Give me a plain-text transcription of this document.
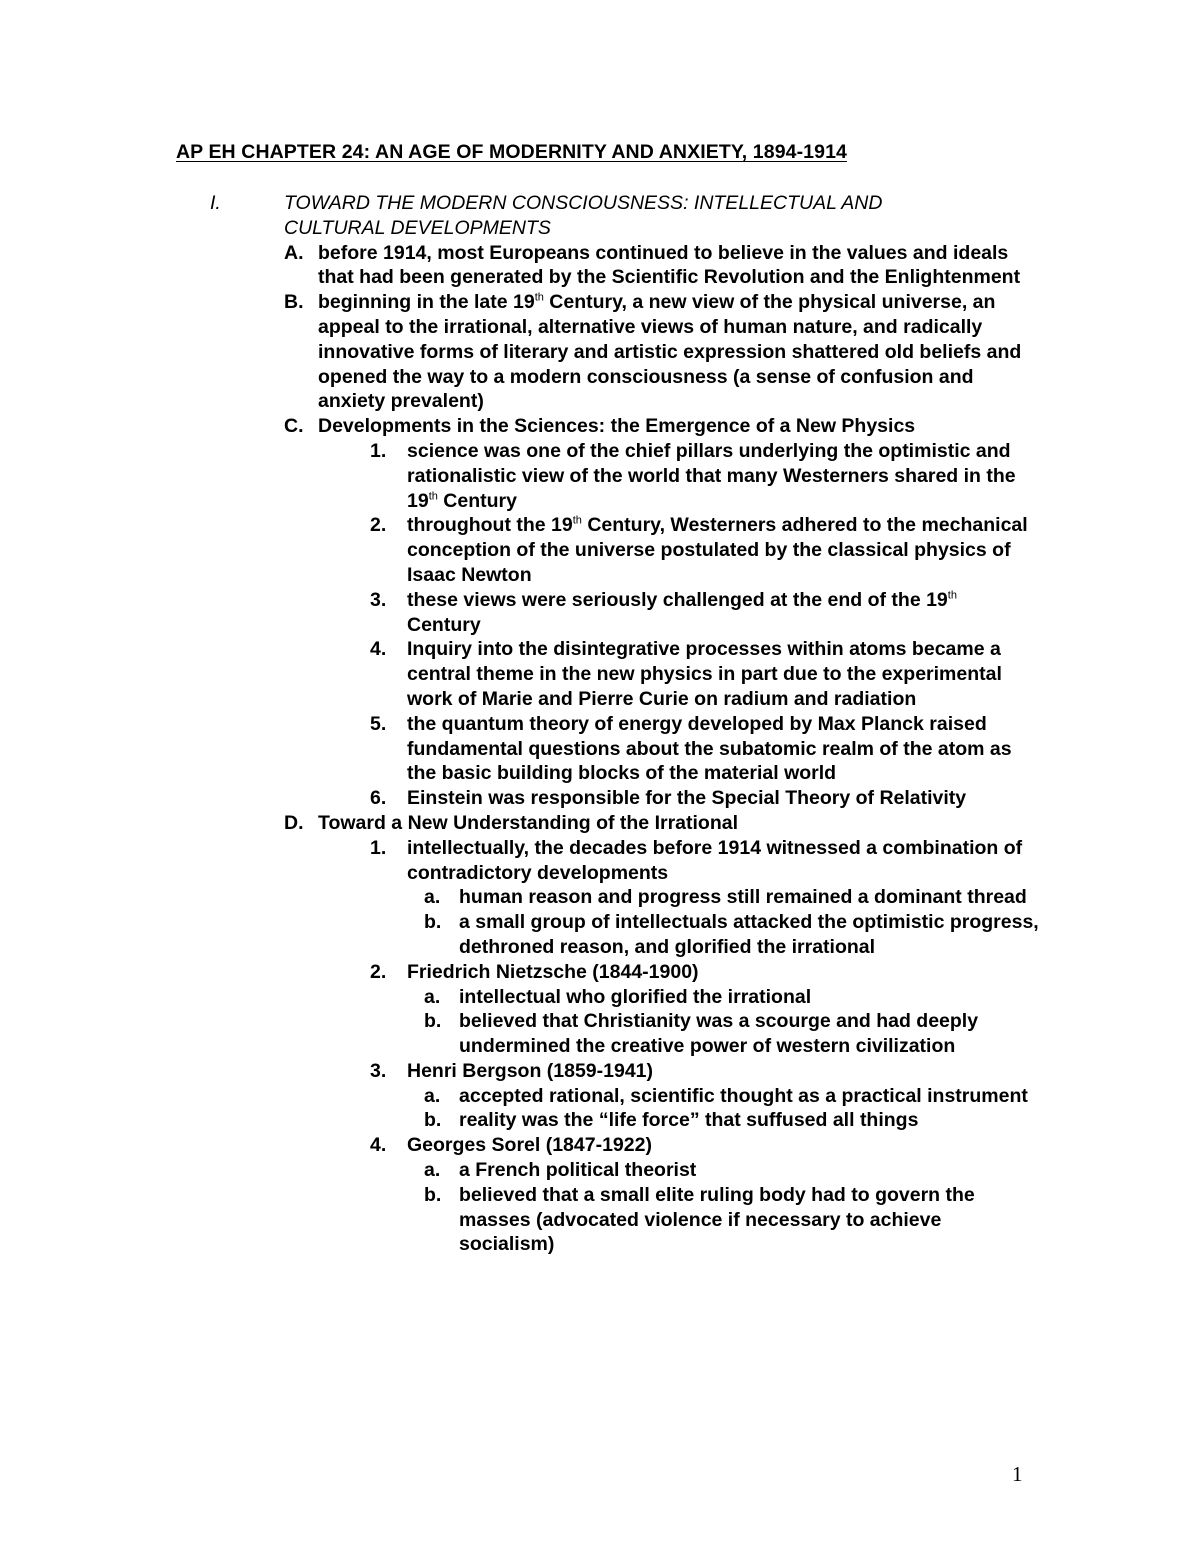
AP EH CHAPTER 24: AN AGE OF MODERNITY AND ANXIETY, 1894-1914
I.	TOWARD THE MODERN CONSCIOUSNESS: INTELLECTUAL AND CULTURAL DEVELOPMENTS
A. before 1914, most Europeans continued to believe in the values and ideals that had been generated by the Scientific Revolution and the Enlightenment
B. beginning in the late 19th Century, a new view of the physical universe, an appeal to the irrational, alternative views of human nature, and radically innovative forms of literary and artistic expression shattered old beliefs and opened the way to a modern consciousness (a sense of confusion and anxiety prevalent)
C. Developments in the Sciences: the Emergence of a New Physics
1. science was one of the chief pillars underlying the optimistic and rationalistic view of the world that many Westerners shared in the 19th Century
2. throughout the 19th Century, Westerners adhered to the mechanical conception of the universe postulated by the classical physics of Isaac Newton
3. these views were seriously challenged at the end of the 19th Century
4. Inquiry into the disintegrative processes within atoms became a central theme in the new physics in part due to the experimental work of Marie and Pierre Curie on radium and radiation
5. the quantum theory of energy developed by Max Planck raised fundamental questions about the subatomic realm of the atom as the basic building blocks of the material world
6. Einstein was responsible for the Special Theory of Relativity
D. Toward a New Understanding of the Irrational
1. intellectually, the decades before 1914 witnessed a combination of contradictory developments
a. human reason and progress still remained a dominant thread
b. a small group of intellectuals attacked the optimistic progress, dethroned reason, and glorified the irrational
2. Friedrich Nietzsche (1844-1900)
a. intellectual who glorified the irrational
b. believed that Christianity was a scourge and had deeply undermined the creative power of western civilization
3. Henri Bergson (1859-1941)
a. accepted rational, scientific thought as a practical instrument
b. reality was the “life force” that suffused all things
4. Georges Sorel (1847-1922)
a. a French political theorist
b. believed that a small elite ruling body had to govern the masses (advocated violence if necessary to achieve socialism)
1
